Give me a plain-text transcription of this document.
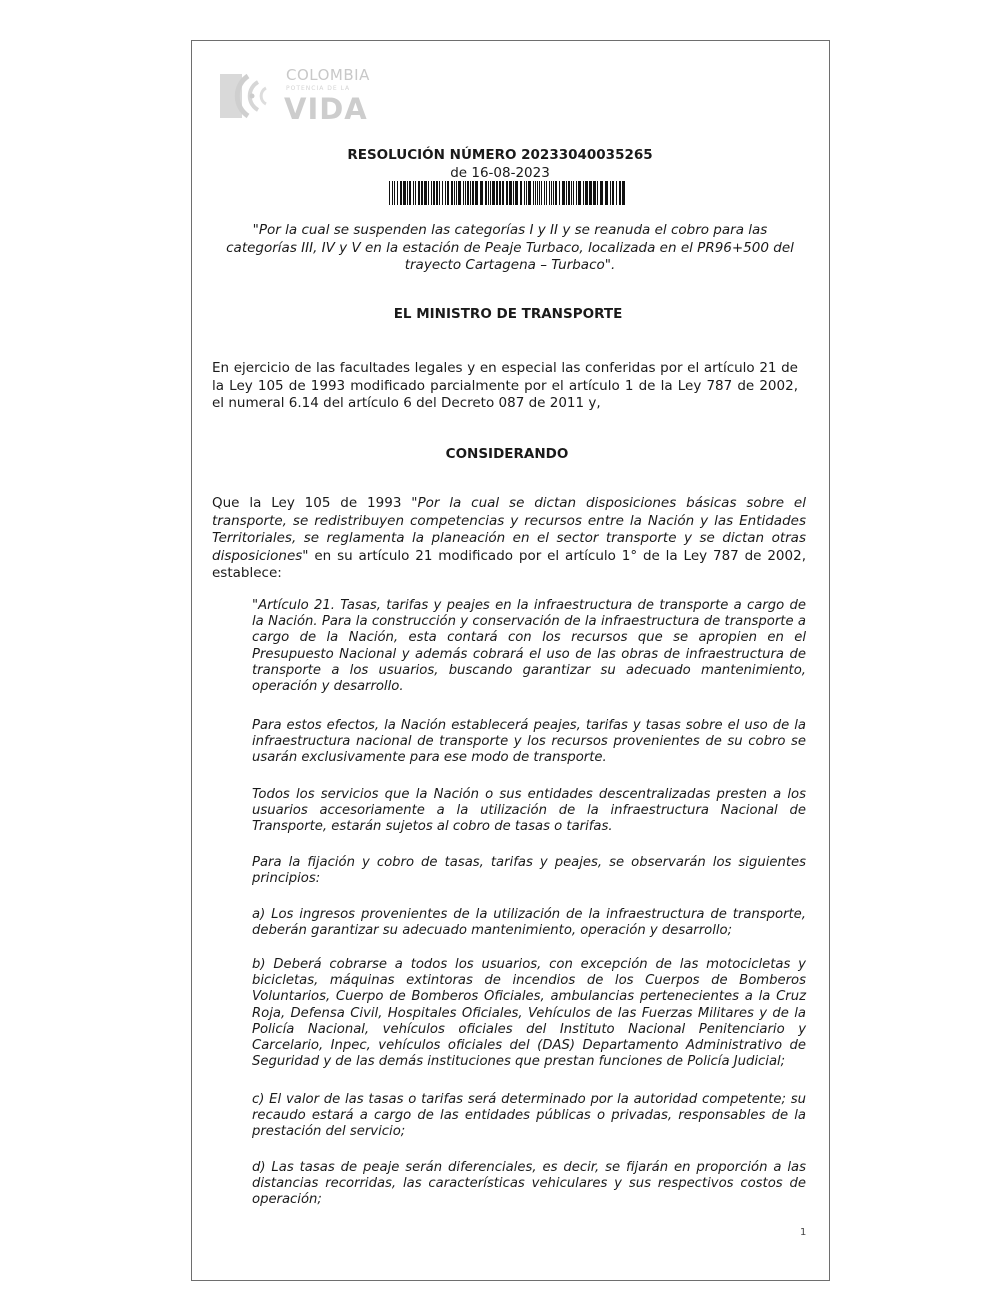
COLOMBIA
POTENCIA DE LA
VIDA
RESOLUCIÓN NÚMERO 20233040035265
de 16-08-2023
"Por la cual se suspenden las categorías I y II y se reanuda el cobro para las categorías III, IV y V en la estación de Peaje Turbaco, localizada en el PR96+500 del trayecto Cartagena – Turbaco".
EL MINISTRO DE TRANSPORTE
En ejercicio de las facultades legales y en especial las conferidas por el artículo 21 de la Ley 105 de 1993 modificado parcialmente por el artículo 1 de la Ley 787 de 2002, el numeral 6.14 del artículo 6 del Decreto 087 de 2011 y,
CONSIDERANDO
Que la Ley 105 de 1993 "Por la cual se dictan disposiciones básicas sobre el transporte, se redistribuyen competencias y recursos entre la Nación y las Entidades Territoriales, se reglamenta la planeación en el sector transporte y se dictan otras disposiciones" en su artículo 21 modificado por el artículo 1° de la Ley 787 de 2002, establece:
"Artículo 21. Tasas, tarifas y peajes en la infraestructura de transporte a cargo de la Nación. Para la construcción y conservación de la infraestructura de transporte a cargo de la Nación, esta contará con los recursos que se apropien en el Presupuesto Nacional y además cobrará el uso de las obras de infraestructura de transporte a los usuarios, buscando garantizar su adecuado mantenimiento, operación y desarrollo.
Para estos efectos, la Nación establecerá peajes, tarifas y tasas sobre el uso de la infraestructura nacional de transporte y los recursos provenientes de su cobro se usarán exclusivamente para ese modo de transporte.
Todos los servicios que la Nación o sus entidades descentralizadas presten a los usuarios accesoriamente a la utilización de la infraestructura Nacional de Transporte, estarán sujetos al cobro de tasas o tarifas.
Para la fijación y cobro de tasas, tarifas y peajes, se observarán los siguientes principios:
a) Los ingresos provenientes de la utilización de la infraestructura de transporte, deberán garantizar su adecuado mantenimiento, operación y desarrollo;
b) Deberá cobrarse a todos los usuarios, con excepción de las motocicletas y bicicletas, máquinas extintoras de incendios de los Cuerpos de Bomberos Voluntarios, Cuerpo de Bomberos Oficiales, ambulancias pertenecientes a la Cruz Roja, Defensa Civil, Hospitales Oficiales, Vehículos de las Fuerzas Militares y de la Policía Nacional, vehículos oficiales del Instituto Nacional Penitenciario y Carcelario, Inpec, vehículos oficiales del (DAS) Departamento Administrativo de Seguridad y de las demás instituciones que prestan funciones de Policía Judicial;
c) El valor de las tasas o tarifas será determinado por la autoridad competente; su recaudo estará a cargo de las entidades públicas o privadas, responsables de la prestación del servicio;
d) Las tasas de peaje serán diferenciales, es decir, se fijarán en proporción a las distancias recorridas, las características vehiculares y sus respectivos costos de operación;
1
